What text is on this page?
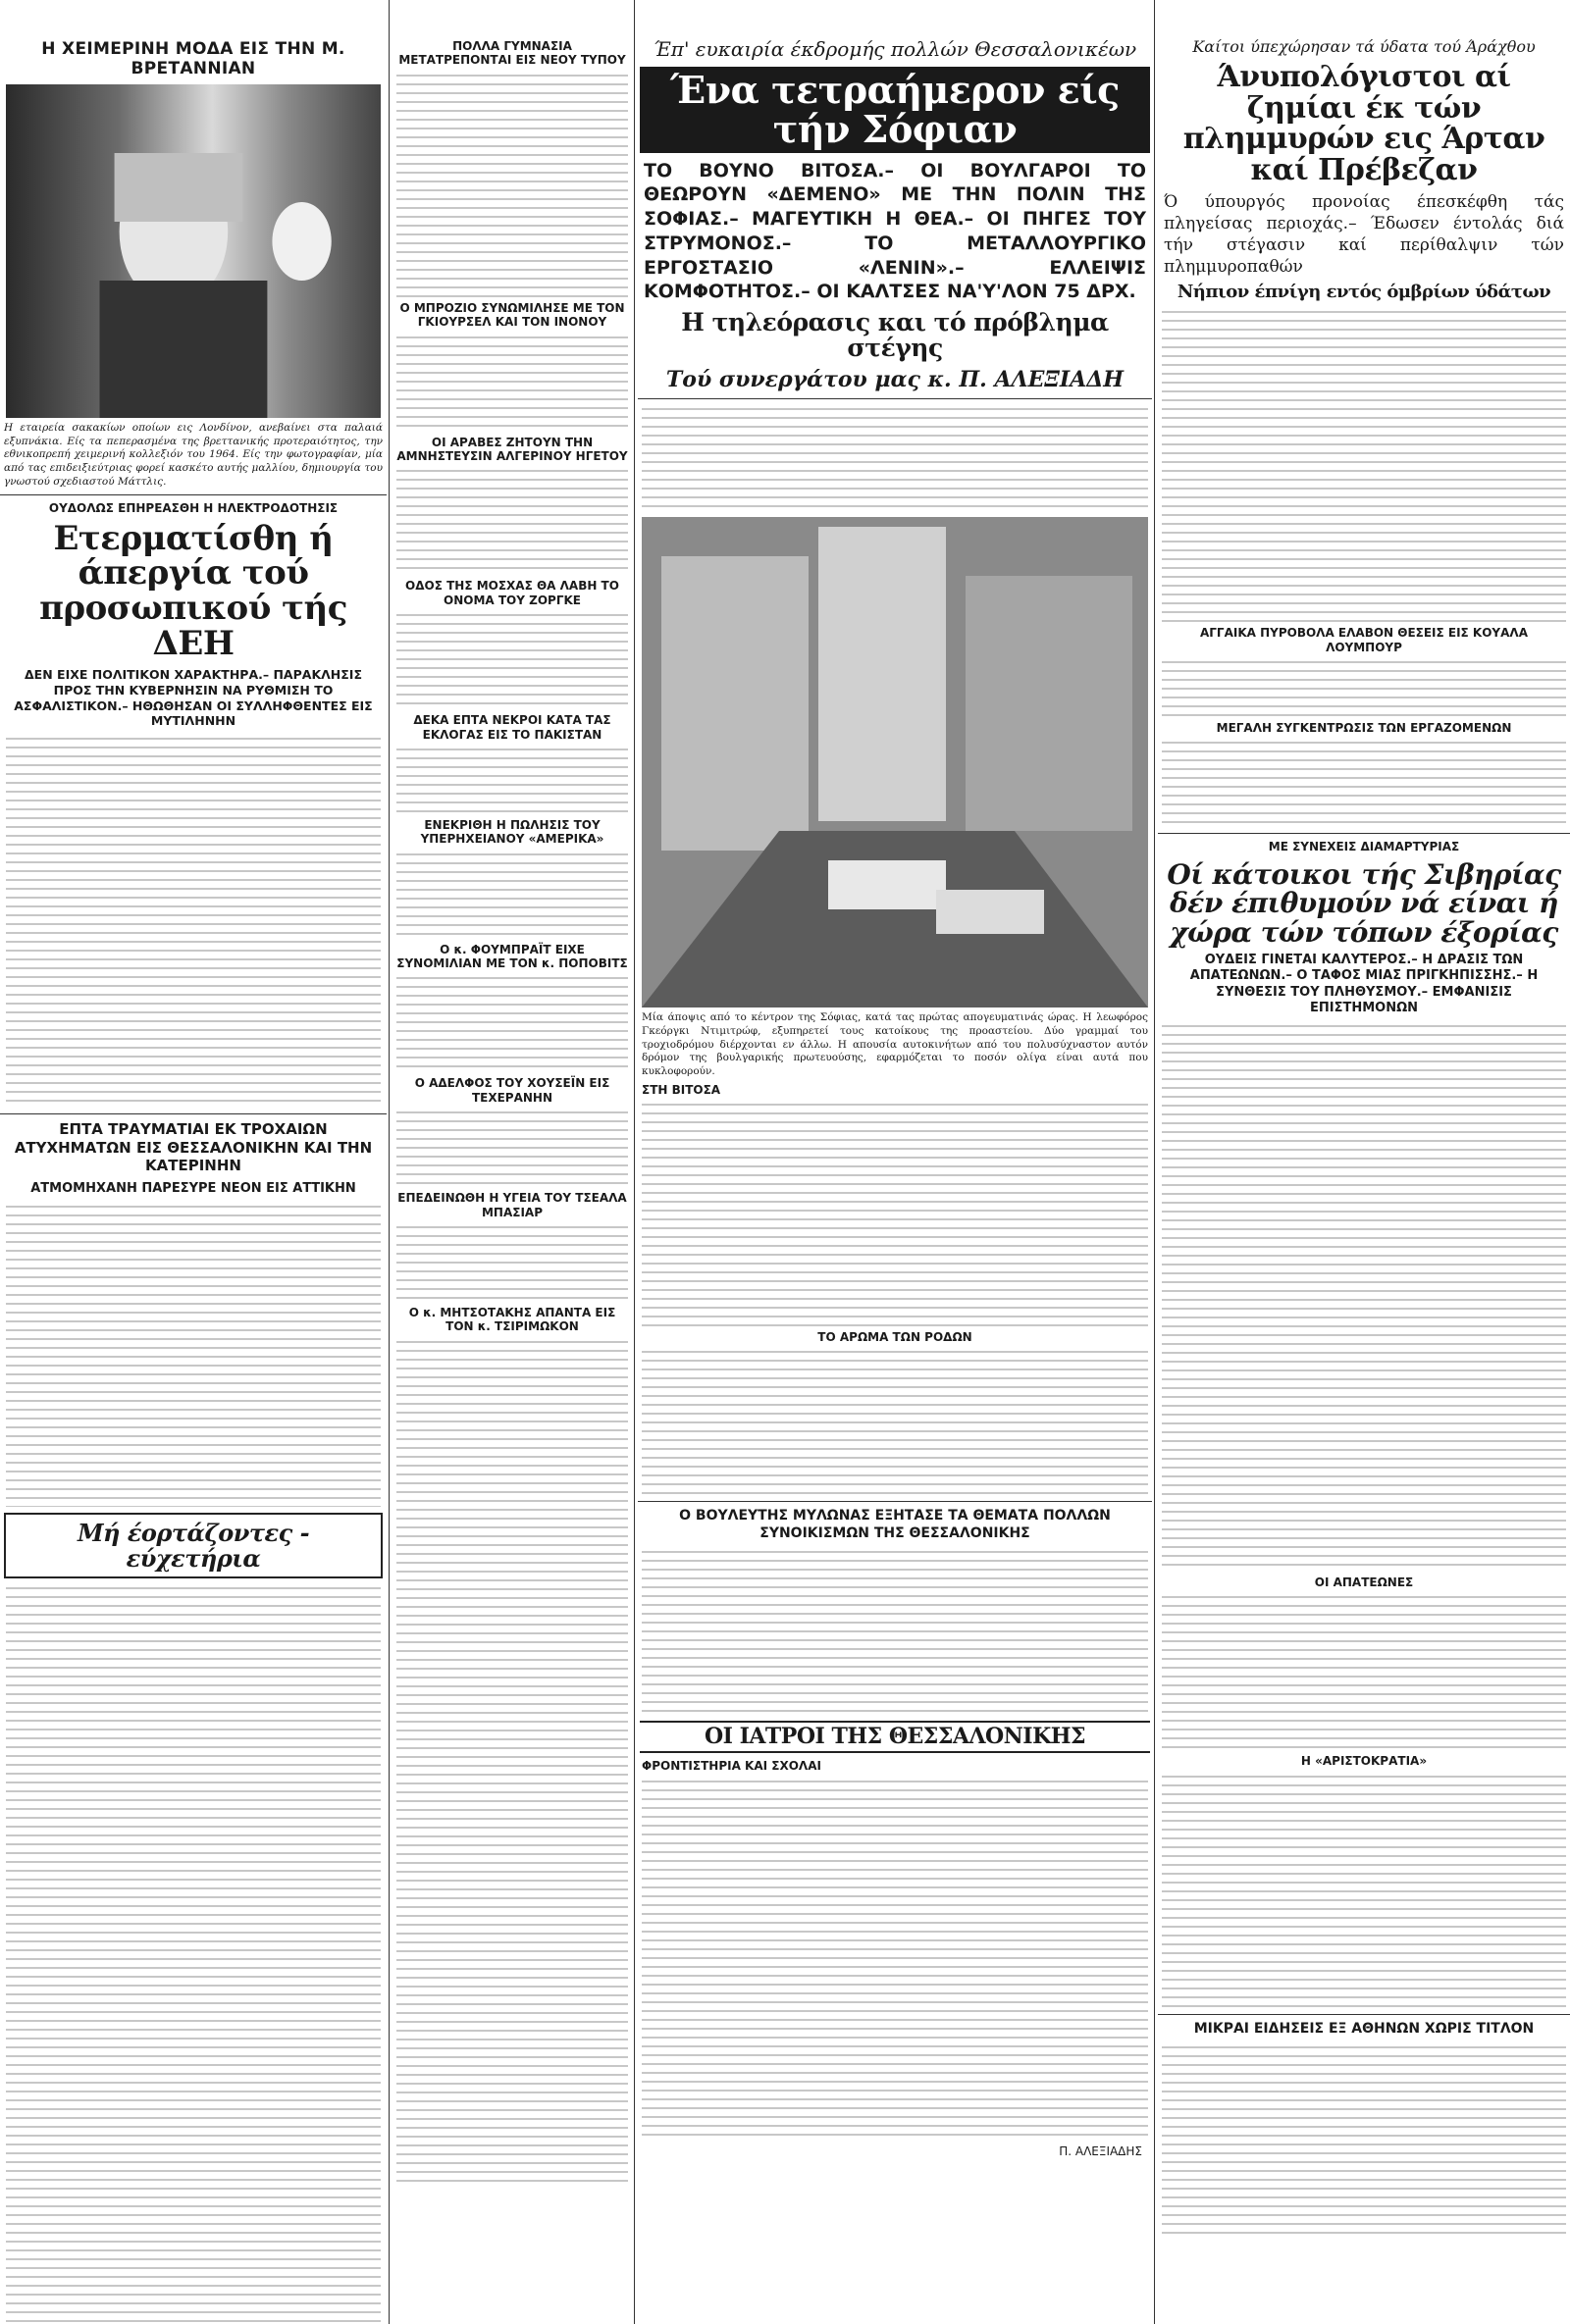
Η ΧΕΙΜΕΡΙΝΗ ΜΟΔΑ ΕΙΣ ΤΗΝ Μ. ΒΡΕΤΑΝΝΙΑΝ
Η εταιρεία σακακίων οποίων εις Λονδίνον, ανεβαίνει στα παλαιά εξυπνάκια. Είς τα πεπερασμένα της βρεττανικής προτεραιότητος, την εθνικοπρεπή χειμερινή κολλεξιόν του 1964. Είς την φωτογραφίαν, μία από τας επιδειξιεύτριας φορεί κασκέτο αυτής μαλλίου, δημιουργία του γνωστού σχεδιαστού Μάττλις.
ΟΥΔΟΛΩΣ ΕΠΗΡΕΑΣΘΗ Η ΗΛΕΚΤΡΟΔΟΤΗΣΙΣ
Ετερματίσθη ή άπεργία τού προσωπικού τής ΔΕΗ
ΔΕΝ ΕΙΧΕ ΠΟΛΙΤΙΚΟΝ ΧΑΡΑΚΤΗΡΑ.– ΠΑΡΑΚΛΗΣΙΣ ΠΡΟΣ ΤΗΝ ΚΥΒΕΡΝΗΣΙΝ ΝΑ ΡΥΘΜΙΣΗ ΤΟ ΑΣΦΑΛΙΣΤΙΚΟΝ.– ΗΘΩΘΗΣΑΝ ΟΙ ΣΥΛΛΗΦΘΕΝΤΕΣ ΕΙΣ ΜΥΤΙΛΗΝΗΝ
ΕΠΤΑ ΤΡΑΥΜΑΤΙΑΙ ΕΚ ΤΡΟΧΑΙΩΝ ΑΤΥΧΗΜΑΤΩΝ ΕΙΣ ΘΕΣΣΑΛΟΝΙΚΗΝ ΚΑΙ ΤΗΝ ΚΑΤΕΡΙΝΗΝ
ΑΤΜΟΜΗΧΑΝΗ ΠΑΡΕΣΥΡΕ ΝΕΟΝ ΕΙΣ ΑΤΤΙΚΗΝ
Μή έορτάζοντες - εύχετήρια
ΠΟΛΛΑ ΓΥΜΝΑΣΙΑ ΜΕΤΑΤΡΕΠΟΝΤΑΙ ΕΙΣ ΝΕΟΥ ΤΥΠΟΥ
Ο ΜΠΡΟΖΙΟ ΣΥΝΩΜΙΛΗΣΕ ΜΕ ΤΟΝ ΓΚΙΟΥΡΣΕΛ ΚΑΙ ΤΟΝ ΙΝΟΝΟΥ
ΟΙ ΑΡΑΒΕΣ ΖΗΤΟΥΝ ΤΗΝ ΑΜΝΗΣΤΕΥΣΙΝ ΑΛΓΕΡΙΝΟΥ ΗΓΕΤΟΥ
ΟΔΟΣ ΤΗΣ ΜΟΣΧΑΣ ΘΑ ΛΑΒΗ ΤΟ ΟΝΟΜΑ ΤΟΥ ΖΟΡΓΚΕ
ΔΕΚΑ ΕΠΤΑ ΝΕΚΡΟΙ ΚΑΤΑ ΤΑΣ ΕΚΛΟΓΑΣ ΕΙΣ ΤΟ ΠΑΚΙΣΤΑΝ
ΕΝΕΚΡΙΘΗ Η ΠΩΛΗΣΙΣ ΤΟΥ ΥΠΕΡΗΧΕΙΑΝΟΥ «ΑΜΕΡΙΚΑ»
Ο κ. ΦΟΥΜΠΡΑΪΤ ΕΙΧΕ ΣΥΝΟΜΙΛΙΑΝ ΜΕ ΤΟΝ κ. ΠΟΠΟΒΙΤΣ
Ο ΑΔΕΛΦΟΣ ΤΟΥ ΧΟΥΣΕΪΝ ΕΙΣ ΤΕΧΕΡΑΝΗΝ
ΕΠΕΔΕΙΝΩΘΗ Η ΥΓΕΙΑ ΤΟΥ ΤΣΕΑΛΑ ΜΠΑΣΙΑΡ
Ο κ. ΜΗΤΣΟΤΑΚΗΣ ΑΠΑΝΤΑ ΕΙΣ ΤΟΝ κ. ΤΣΙΡΙΜΩΚΟΝ
Έπ' ευκαιρία έκδρομής πολλών Θεσσαλονικέων
Ένα τετραήμερον είς τήν Σόφιαν
ΤΟ ΒΟΥΝΟ ΒΙΤΟΣΑ.– ΟΙ ΒΟΥΛΓΑΡΟΙ ΤΟ ΘΕΩΡΟΥΝ «ΔΕΜΕΝΟ» ΜΕ ΤΗΝ ΠΟΛΙΝ ΤΗΣ ΣΟΦΙΑΣ.– ΜΑΓΕΥΤΙΚΗ Η ΘΕΑ.– ΟΙ ΠΗΓΕΣ ΤΟΥ ΣΤΡΥΜΟΝΟΣ.– ΤΟ ΜΕΤΑΛΛΟΥΡΓΙΚΟ ΕΡΓΟΣΤΑΣΙΟ «ΛΕΝΙΝ».– ΕΛΛΕΙΨΙΣ ΚΟΜΦΟΤΗΤΟΣ.– ΟΙ ΚΑΛΤΣΕΣ ΝΑ'Υ'ΛΟΝ 75 ΔΡΧ.
Η τηλεόρασις και τό πρόβλημα στέγης
Τού συνεργάτου μας κ. Π. ΑΛΕΞΙΑΔΗ
Μία άποψις από το κέντρον της Σόφιας, κατά τας πρώτας απογευματινάς ώρας. Η λεωφόρος Γκεόργκι Ντιμιτρώφ, εξυπηρετεί τους κατοίκους της προαστείου. Δύο γραμμαί του τροχιοδρόμου διέρχονται εν άλλω. Η απουσία αυτοκινήτων από του πολυσύχναστον αυτόν δρόμον της βουλγαρικής πρωτευούσης, εφαρμόζεται το ποσόν ολίγα είναι αυτά που κυκλοφορούν.
ΣΤΗ ΒΙΤΟΣΑ
ΤΟ ΑΡΩΜΑ ΤΩΝ ΡΟΔΩΝ
Ο ΒΟΥΛΕΥΤΗΣ ΜΥΛΩΝΑΣ ΕΞΗΤΑΣΕ ΤΑ ΘΕΜΑΤΑ ΠΟΛΛΩΝ ΣΥΝΟΙΚΙΣΜΩΝ ΤΗΣ ΘΕΣΣΑΛΟΝΙΚΗΣ
ΟΙ ΙΑΤΡΟΙ ΤΗΣ ΘΕΣΣΑΛΟΝΙΚΗΣ
ΦΡΟΝΤΙΣΤΗΡΙΑ ΚΑΙ ΣΧΟΛΑΙ
Π. ΑΛΕΞΙΑΔΗΣ
Καίτοι ύπεχώρησαν τά ύδατα τού Άράχθου
Άνυπολόγιστοι αί ζημίαι έκ τών πλημμυρών εις Άρταν καί Πρέβεζαν
Ό ύπουργός προνοίας έπεσκέφθη τάς πληγείσας περιοχάς.– Έδωσεν έντολάς διά τήν στέγασιν καί περίθαλψιν τών πλημμυροπαθών
Νήπιον έπνίγη εντός όμβρίων ύδάτων
ΑΓΓΑΙΚΑ ΠΥΡΟΒΟΛΑ ΕΛΑΒΟΝ ΘΕΣΕΙΣ ΕΙΣ ΚΟΥΑΛΑ ΛΟΥΜΠΟΥΡ
ΜΕΓΑΛΗ ΣΥΓΚΕΝΤΡΩΣΙΣ ΤΩΝ ΕΡΓΑΖΟΜΕΝΩΝ
ΜΕ ΣΥΝΕΧΕΙΣ ΔΙΑΜΑΡΤΥΡΙΑΣ
Οί κάτοικοι τής Σιβηρίας δέν έπιθυμούν νά είναι ή χώρα τών τόπων έξορίας
ΟΥΔΕΙΣ ΓΙΝΕΤΑΙ ΚΑΛΥΤΕΡΟΣ.– Η ΔΡΑΣΙΣ ΤΩΝ ΑΠΑΤΕΩΝΩΝ.– Ο ΤΑΦΟΣ ΜΙΑΣ ΠΡΙΓΚΗΠΙΣΣΗΣ.– Η ΣΥΝΘΕΣΙΣ ΤΟΥ ΠΛΗΘΥΣΜΟΥ.– ΕΜΦΑΝΙΣΙΣ ΕΠΙΣΤΗΜΟΝΩΝ
ΟΙ ΑΠΑΤΕΩΝΕΣ
Η «ΑΡΙΣΤΟΚΡΑΤΙΑ»
ΜΙΚΡΑΙ ΕΙΔΗΣΕΙΣ ΕΞ ΑΘΗΝΩΝ ΧΩΡΙΣ ΤΙΤΛΟΝ
